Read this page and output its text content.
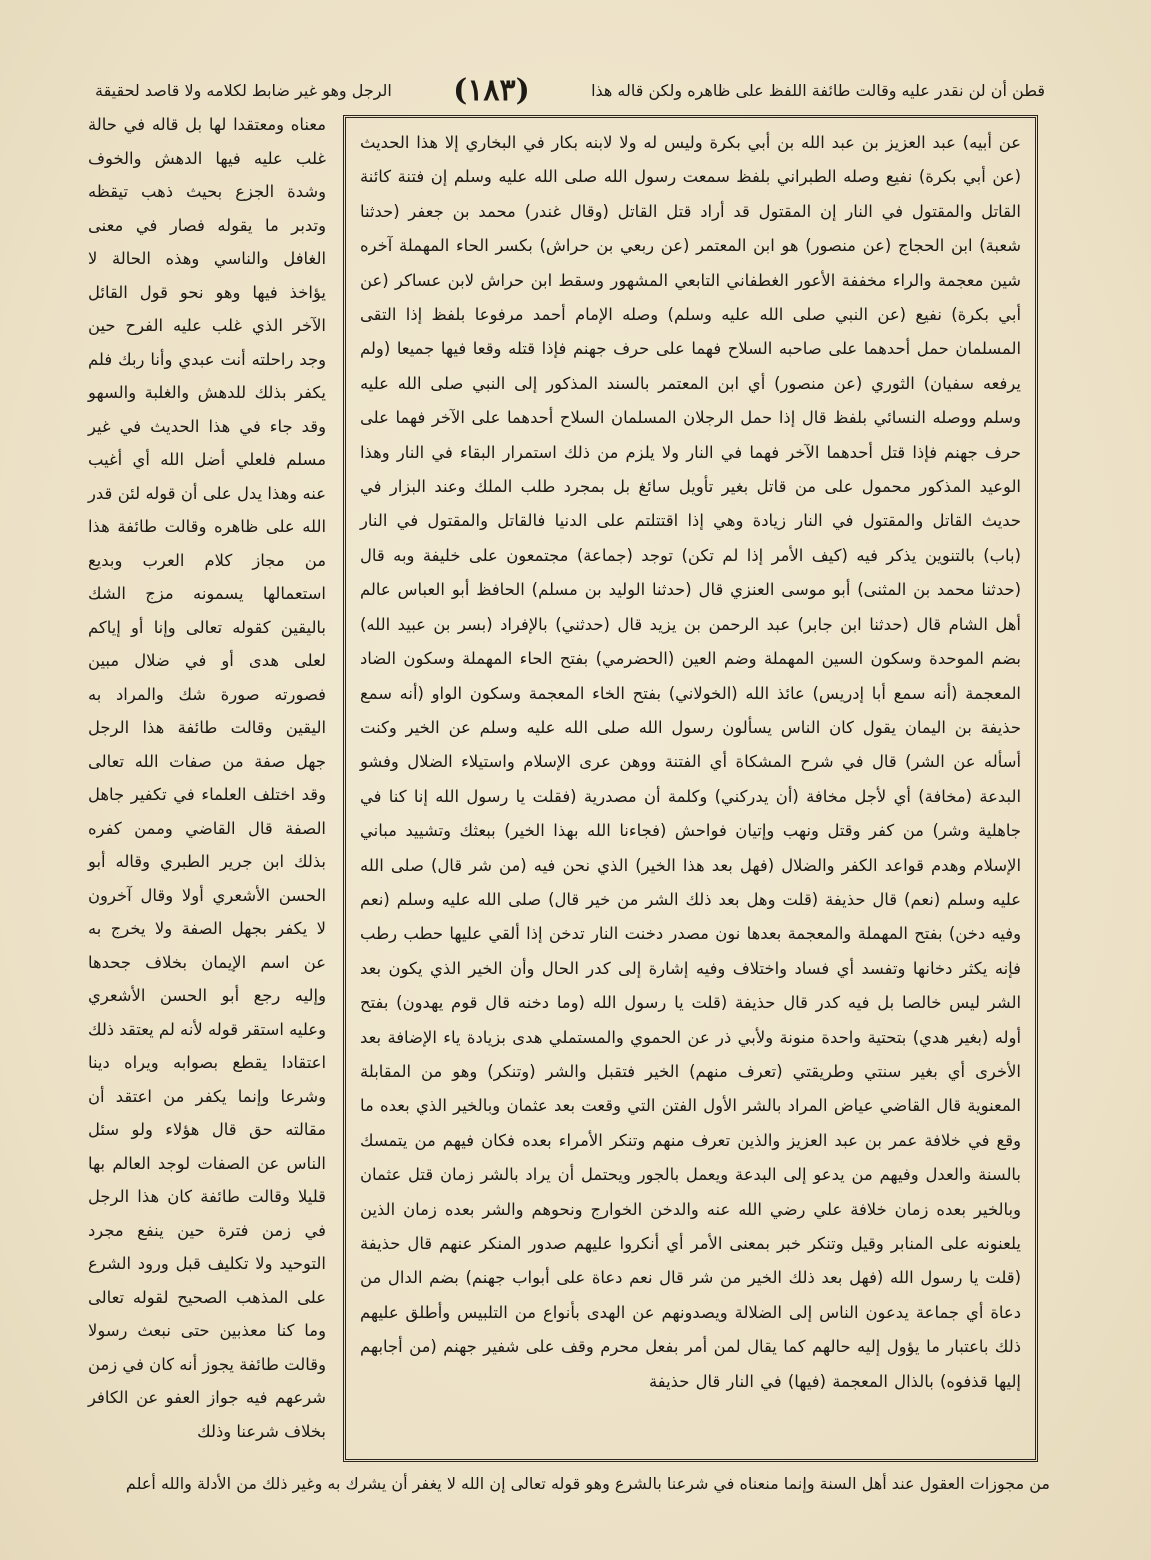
قطن أن لن نقدر عليه وقالت طائفة اللفظ على ظاهره ولكن قاله هذا
(١٨٣)
الرجل وهو غير ضابط لكلامه ولا قاصد لحقيقة
عن أبيه) عبد العزيز بن عبد الله بن أبي بكرة وليس له ولا لابنه بكار في البخاري إلا هذا الحديث (عن أبي بكرة) نفيع وصله الطبراني بلفظ سمعت رسول الله صلى الله عليه وسلم إن فتنة كائنة القاتل والمقتول في النار إن المقتول قد أراد قتل القاتل (وقال غندر) محمد بن جعفر (حدثنا شعبة) ابن الحجاج (عن منصور) هو ابن المعتمر (عن ربعي بن حراش) بكسر الحاء المهملة آخره شين معجمة والراء مخففة الأعور الغطفاني التابعي المشهور وسقط ابن حراش لابن عساكر (عن أبي بكرة) نفيع (عن النبي صلى الله عليه وسلم) وصله الإمام أحمد مرفوعا بلفظ إذا التقى المسلمان حمل أحدهما على صاحبه السلاح فهما على حرف جهنم فإذا قتله وقعا فيها جميعا (ولم يرفعه سفيان) الثوري (عن منصور) أي ابن المعتمر بالسند المذكور إلى النبي صلى الله عليه وسلم ووصله النسائي بلفظ قال إذا حمل الرجلان المسلمان السلاح أحدهما على الآخر فهما على حرف جهنم فإذا قتل أحدهما الآخر فهما في النار ولا يلزم من ذلك استمرار البقاء في النار وهذا الوعيد المذكور محمول على من قاتل بغير تأويل سائغ بل بمجرد طلب الملك وعند البزار في حديث القاتل والمقتول في النار زيادة وهي إذا اقتتلتم على الدنيا فالقاتل والمقتول في النار (باب) بالتنوين يذكر فيه (كيف الأمر إذا لم تكن) توجد (جماعة) مجتمعون على خليفة وبه قال (حدثنا محمد بن المثنى) أبو موسى العنزي قال (حدثنا الوليد بن مسلم) الحافظ أبو العباس عالم أهل الشام قال (حدثنا ابن جابر) عبد الرحمن بن يزيد قال (حدثني) بالإفراد (بسر بن عبيد الله) بضم الموحدة وسكون السين المهملة وضم العين (الحضرمي) بفتح الحاء المهملة وسكون الضاد المعجمة (أنه سمع أبا إدريس) عائذ الله (الخولاني) بفتح الخاء المعجمة وسكون الواو (أنه سمع حذيفة بن اليمان يقول كان الناس يسألون رسول الله صلى الله عليه وسلم عن الخير وكنت أسأله عن الشر) قال في شرح المشكاة أي الفتنة ووهن عرى الإسلام واستيلاء الضلال وفشو البدعة (مخافة) أي لأجل مخافة (أن يدركني) وكلمة أن مصدرية (فقلت يا رسول الله إنا كنا في جاهلية وشر) من كفر وقتل ونهب وإتيان فواحش (فجاءنا الله بهذا الخير) ببعثك وتشييد مباني الإسلام وهدم قواعد الكفر والضلال (فهل بعد هذا الخير) الذي نحن فيه (من شر قال) صلى الله عليه وسلم (نعم) قال حذيفة (قلت وهل بعد ذلك الشر من خير قال) صلى الله عليه وسلم (نعم وفيه دخن) بفتح المهملة والمعجمة بعدها نون مصدر دخنت النار تدخن إذا ألقي عليها حطب رطب فإنه يكثر دخانها وتفسد أي فساد واختلاف وفيه إشارة إلى كدر الحال وأن الخير الذي يكون بعد الشر ليس خالصا بل فيه كدر قال حذيفة (قلت يا رسول الله (وما دخنه قال قوم يهدون) بفتح أوله (بغير هدي) بتحتية واحدة منونة ولأبي ذر عن الحموي والمستملي هدى بزيادة ياء الإضافة بعد الأخرى أي بغير سنتي وطريقتي (تعرف منهم) الخير فتقبل والشر (وتنكر) وهو من المقابلة المعنوية قال القاضي عياض المراد بالشر الأول الفتن التي وقعت بعد عثمان وبالخير الذي بعده ما وقع في خلافة عمر بن عبد العزيز والذين تعرف منهم وتنكر الأمراء بعده فكان فيهم من يتمسك بالسنة والعدل وفيهم من يدعو إلى البدعة ويعمل بالجور ويحتمل أن يراد بالشر زمان قتل عثمان وبالخير بعده زمان خلافة علي رضي الله عنه والدخن الخوارج ونحوهم والشر بعده زمان الذين يلعنونه على المنابر وقيل وتنكر خبر بمعنى الأمر أي أنكروا عليهم صدور المنكر عنهم قال حذيفة (قلت يا رسول الله (فهل بعد ذلك الخير من شر قال نعم دعاة على أبواب جهنم) بضم الدال من دعاة أي جماعة يدعون الناس إلى الضلالة ويصدونهم عن الهدى بأنواع من التلبيس وأطلق عليهم ذلك باعتبار ما يؤول إليه حالهم كما يقال لمن أمر بفعل محرم وقف على شفير جهنم (من أجابهم إليها قذفوه) بالذال المعجمة (فيها) في النار قال حذيفة
معناه ومعتقدا لها بل قاله في حالة غلب عليه فيها الدهش والخوف وشدة الجزع بحيث ذهب تيقظه وتدبر ما يقوله فصار في معنى الغافل والناسي وهذه الحالة لا يؤاخذ فيها وهو نحو قول القائل الآخر الذي غلب عليه الفرح حين وجد راحلته أنت عبدي وأنا ربك فلم يكفر بذلك للدهش والغلبة والسهو وقد جاء في هذا الحديث في غير مسلم فلعلي أضل الله أي أغيب عنه وهذا يدل على أن قوله لئن قدر الله على ظاهره وقالت طائفة هذا من مجاز كلام العرب وبديع استعمالها يسمونه مزج الشك باليقين كقوله تعالى وإنا أو إياكم لعلى هدى أو في ضلال مبين فصورته صورة شك والمراد به اليقين وقالت طائفة هذا الرجل جهل صفة من صفات الله تعالى وقد اختلف العلماء في تكفير جاهل الصفة قال القاضي وممن كفره بذلك ابن جرير الطبري وقاله أبو الحسن الأشعري أولا وقال آخرون لا يكفر بجهل الصفة ولا يخرج به عن اسم الإيمان بخلاف جحدها وإليه رجع أبو الحسن الأشعري وعليه استقر قوله لأنه لم يعتقد ذلك اعتقادا يقطع بصوابه ويراه دينا وشرعا وإنما يكفر من اعتقد أن مقالته حق قال هؤلاء ولو سئل الناس عن الصفات لوجد العالم بها قليلا وقالت طائفة كان هذا الرجل في زمن فترة حين ينفع مجرد التوحيد ولا تكليف قبل ورود الشرع على المذهب الصحيح لقوله تعالى وما كنا معذبين حتى نبعث رسولا وقالت طائفة يجوز أنه كان في زمن شرعهم فيه جواز العفو عن الكافر بخلاف شرعنا وذلك
من مجوزات العقول عند أهل السنة وإنما منعناه في شرعنا بالشرع وهو قوله تعالى إن الله لا يغفر أن يشرك به وغير ذلك من الأدلة والله أعلم
